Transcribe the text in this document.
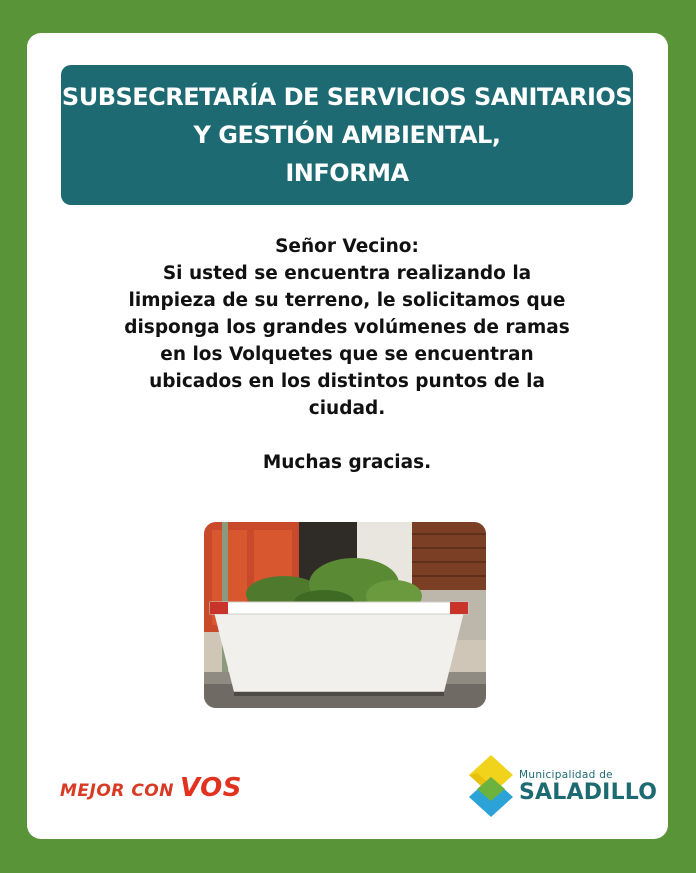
SUBSECRETARÍA DE SERVICIOS SANITARIOS
Y GESTIÓN AMBIENTAL,
INFORMA
Señor Vecino:
Si usted se encuentra realizando la
limpieza de su terreno, le solicitamos que
disponga los grandes volúmenes de ramas
en los Volquetes que se encuentran
ubicados en los distintos puntos de la
ciudad.
Muchas gracias.
MEJOR CON VOS	Municipalidad de
SALADILLO
